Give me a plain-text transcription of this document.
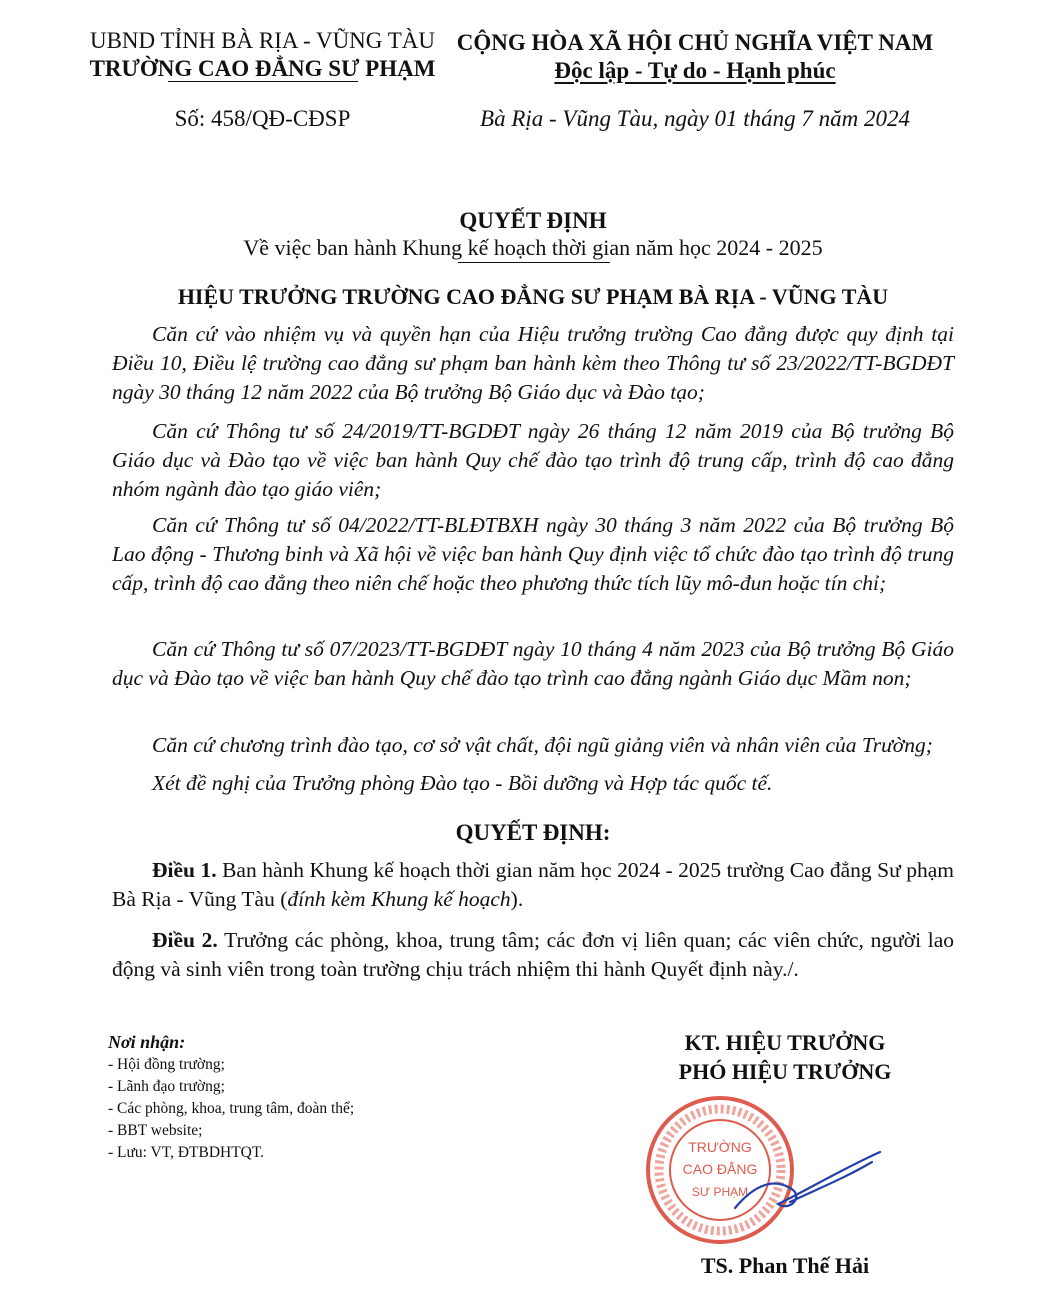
UBND TỈNH BÀ RỊA - VŨNG TÀU
TRƯỜNG CAO ĐẲNG SƯ PHẠM
CỘNG HÒA XÃ HỘI CHỦ NGHĨA VIỆT NAM
Độc lập - Tự do - Hạnh phúc
Số: 458/QĐ-CĐSP	Bà Rịa - Vũng Tàu, ngày 01 tháng 7 năm 2024
QUYẾT ĐỊNH
Về việc ban hành Khung kế hoạch thời gian năm học 2024 - 2025
HIỆU TRƯỞNG TRƯỜNG CAO ĐẲNG SƯ PHẠM BÀ RỊA - VŨNG TÀU
Căn cứ vào nhiệm vụ và quyền hạn của Hiệu trưởng trường Cao đẳng được quy định tại Điều 10, Điều lệ trường cao đẳng sư phạm ban hành kèm theo Thông tư số 23/2022/TT-BGDĐT ngày 30 tháng 12 năm 2022 của Bộ trưởng Bộ Giáo dục và Đào tạo;
Căn cứ Thông tư số 24/2019/TT-BGDĐT ngày 26 tháng 12 năm 2019 của Bộ trưởng Bộ Giáo dục và Đào tạo về việc ban hành Quy chế đào tạo trình độ trung cấp, trình độ cao đẳng nhóm ngành đào tạo giáo viên;
Căn cứ Thông tư số 04/2022/TT-BLĐTBXH ngày 30 tháng 3 năm 2022 của Bộ trưởng Bộ Lao động - Thương binh và Xã hội về việc ban hành Quy định việc tổ chức đào tạo trình độ trung cấp, trình độ cao đẳng theo niên chế hoặc theo phương thức tích lũy mô-đun hoặc tín chỉ;
Căn cứ Thông tư số 07/2023/TT-BGDĐT ngày 10 tháng 4 năm 2023 của Bộ trưởng Bộ Giáo dục và Đào tạo về việc ban hành Quy chế đào tạo trình cao đẳng ngành Giáo dục Mầm non;
Căn cứ chương trình đào tạo, cơ sở vật chất, đội ngũ giảng viên và nhân viên của Trường;
Xét đề nghị của Trưởng phòng Đào tạo - Bồi dưỡng và Hợp tác quốc tế.
QUYẾT ĐỊNH:
Điều 1. Ban hành Khung kế hoạch thời gian năm học 2024 - 2025 trường Cao đẳng Sư phạm Bà Rịa - Vũng Tàu (đính kèm Khung kế hoạch).
Điều 2. Trưởng các phòng, khoa, trung tâm; các đơn vị liên quan; các viên chức, người lao động và sinh viên trong toàn trường chịu trách nhiệm thi hành Quyết định này./.
Nơi nhận:
- Hội đồng trường;
- Lãnh đạo trường;
- Các phòng, khoa, trung tâm, đoàn thể;
- BBT website;
- Lưu: VT, ĐTBDHTQT.
KT. HIỆU TRƯỞNG
PHÓ HIỆU TRƯỞNG
TRƯỜNG
CAO ĐẲNG
SƯ PHẠM
TS. Phan Thế Hải
